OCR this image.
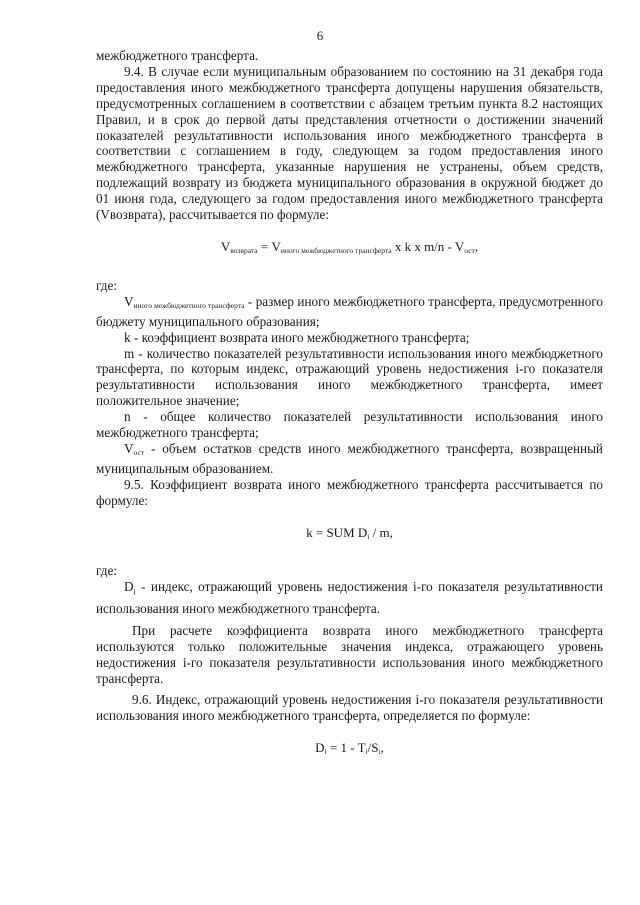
6

межбюджетного трансферта.

9.4. В случае если муниципальным образованием по состоянию на 31 декабря года предоставления иного межбюджетного трансферта допущены нарушения обязательств, предусмотренных соглашением в соответствии с абзацем третьим пункта 8.2 настоящих Правил, и в срок до первой даты представления отчетности о достижении значений показателей результативности использования иного межбюджетного трансферта в соответствии с соглашением в году, следующем за годом предоставления иного межбюджетного трансферта, указанные нарушения не устранены, объем средств, подлежащий возврату из бюджета муниципального образования в окружной бюджет до 01 июня года, следующего за годом предоставления иного межбюджетного трансферта (Vвозврата), рассчитывается по формуле:

$V_{возврата} = V_{иного межбюджетного трансферта}$ x k x $m/n - V_{ост}$,

где:

Vиного межбюджетного трансферта - размер иного межбюджетного трансферта, предусмотренного бюджету муниципального образования;

k - коэффициент возврата иного межбюджетного трансферта;

m - количество показателей результативности использования иного межбюджетного трансферта, по которым индекс, отражающий уровень недостижения i-го показателя результативности использования иного межбюджетного трансферта, имеет положительное значение;

n - общее количество показателей результативности использования иного межбюджетного трансферта;

Vост - объем остатков средств иного межбюджетного трансферта, возвращенный муниципальным образованием.

9.5. Коэффициент возврата иного межбюджетного трансферта рассчитывается по формуле:

k = SUM $D_i$ / m,

где:

$D_i$ - индекс, отражающий уровень недостижения i-го показателя результативности использования иного межбюджетного трансферта.

При расчете коэффициента возврата иного межбюджетного трансферта используются только положительные значения индекса, отражающего уровень недостижения i-го показателя результативности использования иного межбюджетного трансферта.

9.6. Индекс, отражающий уровень недостижения i-го показателя результативности использования иного межбюджетного трансферта, определяется по формуле:

$D_i = 1 - T_i/S_i$,
